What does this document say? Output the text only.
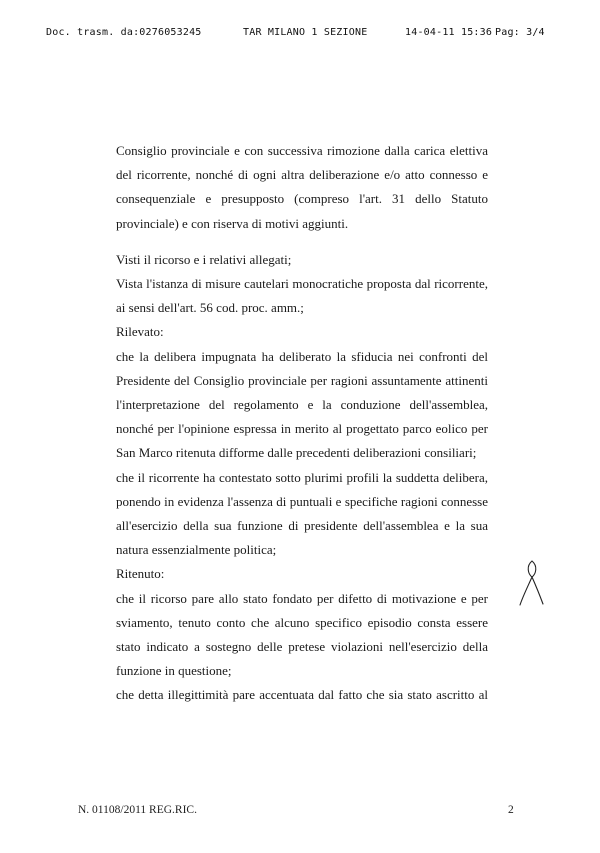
Doc. trasm. da:0276053245	TAR MILANO 1 SEZIONE	14-04-11 15:36 Pag: 3/4

Consiglio provinciale e con successiva rimozione dalla carica elettiva del ricorrente, nonché di ogni altra deliberazione e/o atto connesso e consequenziale e presupposto (compreso l'art. 31 dello Statuto provinciale) e con riserva di motivi aggiunti.

Visti il ricorso e i relativi allegati;

Vista l'istanza di misure cautelari monocratiche proposta dal ricorrente, ai sensi dell'art. 56 cod. proc. amm.;

Rilevato:

che la delibera impugnata ha deliberato la sfiducia nei confronti del Presidente del Consiglio provinciale per ragioni assuntamente attinenti l'interpretazione del regolamento e la conduzione dell'assemblea, nonché per l'opinione espressa in merito al progettato parco eolico per San Marco ritenuta difforme dalle precedenti deliberazioni consiliari;

che il ricorrente ha contestato sotto plurimi profili la suddetta delibera, ponendo in evidenza l'assenza di puntuali e specifiche ragioni connesse all'esercizio della sua funzione di presidente dell'assemblea e la sua natura essenzialmente politica;

Ritenuto:

che il ricorso pare allo stato fondato per difetto di motivazione e per sviamento, tenuto conto che alcuno specifico episodio consta essere stato indicato a sostegno delle pretese violazioni nell'esercizio della funzione in questione;

che detta illegittimità pare accentuata dal fatto che sia stato ascritto al

N. 01108/2011 REG.RIC.	2
